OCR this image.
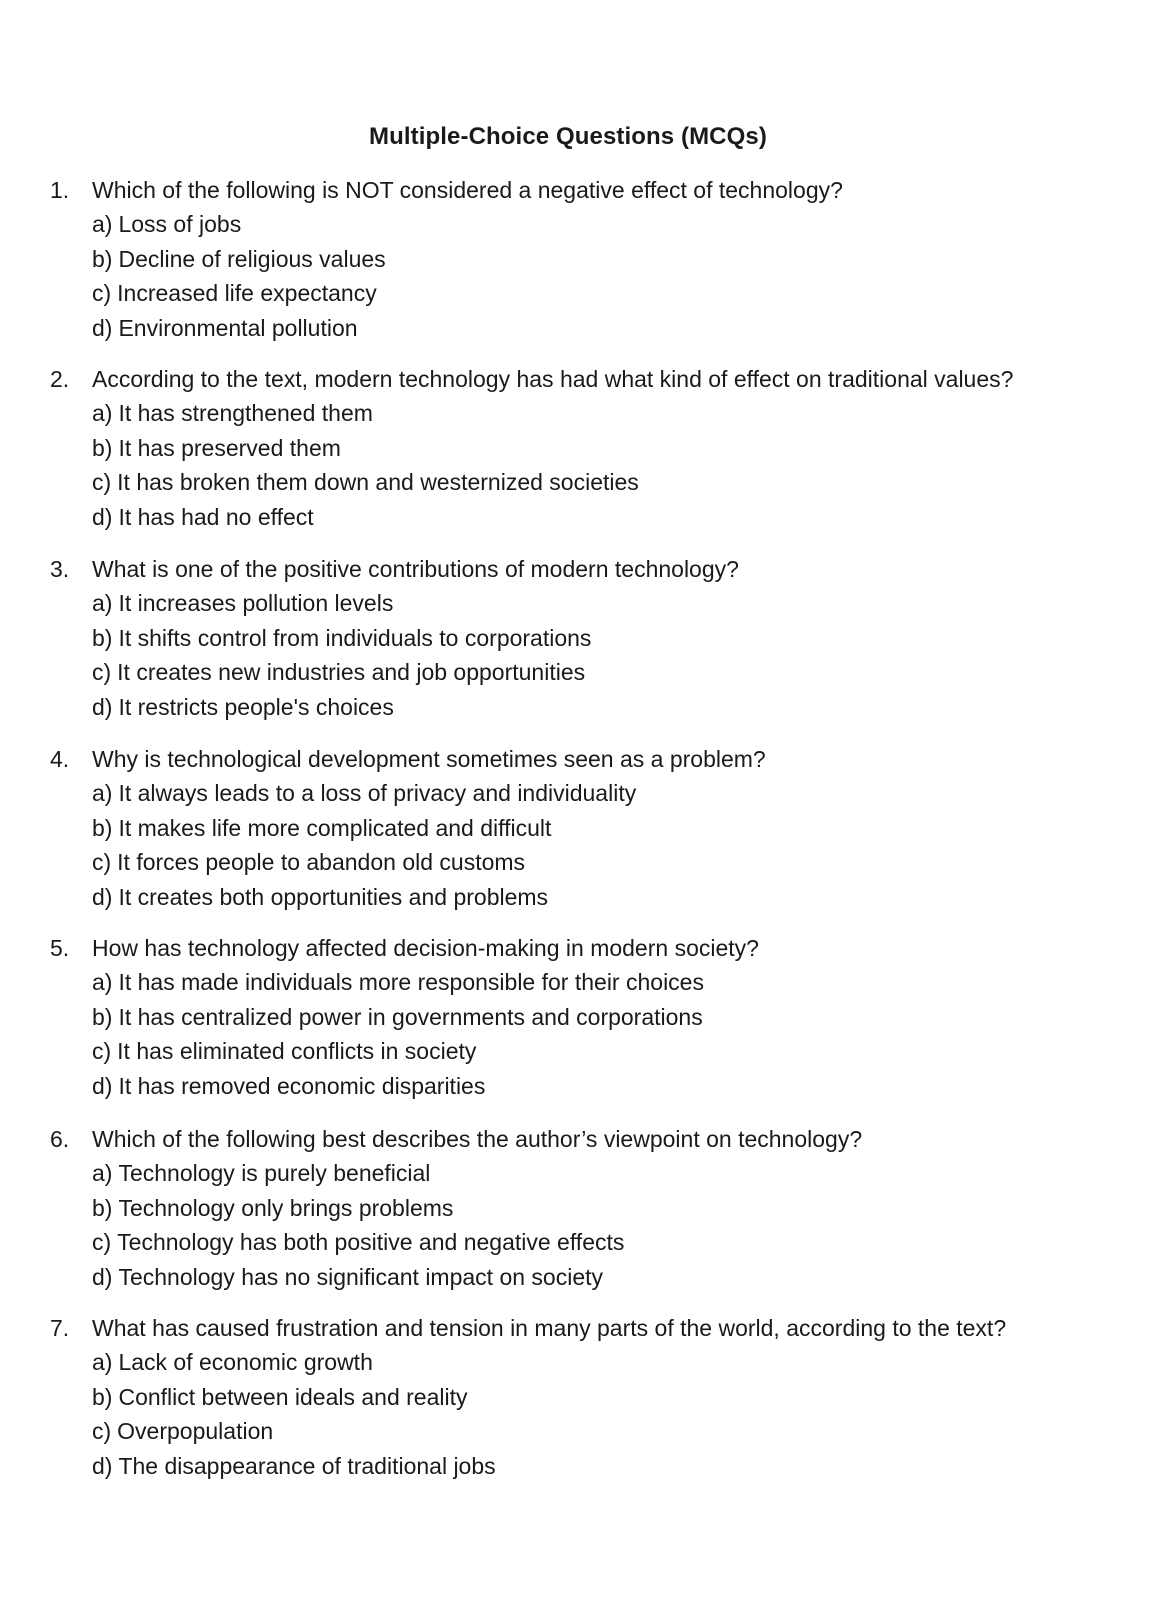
Multiple-Choice Questions (MCQs)
1. Which of the following is NOT considered a negative effect of technology?
a) Loss of jobs
b) Decline of religious values
c) Increased life expectancy
d) Environmental pollution
2. According to the text, modern technology has had what kind of effect on traditional values?
a) It has strengthened them
b) It has preserved them
c) It has broken them down and westernized societies
d) It has had no effect
3. What is one of the positive contributions of modern technology?
a) It increases pollution levels
b) It shifts control from individuals to corporations
c) It creates new industries and job opportunities
d) It restricts people's choices
4. Why is technological development sometimes seen as a problem?
a) It always leads to a loss of privacy and individuality
b) It makes life more complicated and difficult
c) It forces people to abandon old customs
d) It creates both opportunities and problems
5. How has technology affected decision-making in modern society?
a) It has made individuals more responsible for their choices
b) It has centralized power in governments and corporations
c) It has eliminated conflicts in society
d) It has removed economic disparities
6. Which of the following best describes the author’s viewpoint on technology?
a) Technology is purely beneficial
b) Technology only brings problems
c) Technology has both positive and negative effects
d) Technology has no significant impact on society
7. What has caused frustration and tension in many parts of the world, according to the text?
a) Lack of economic growth
b) Conflict between ideals and reality
c) Overpopulation
d) The disappearance of traditional jobs
